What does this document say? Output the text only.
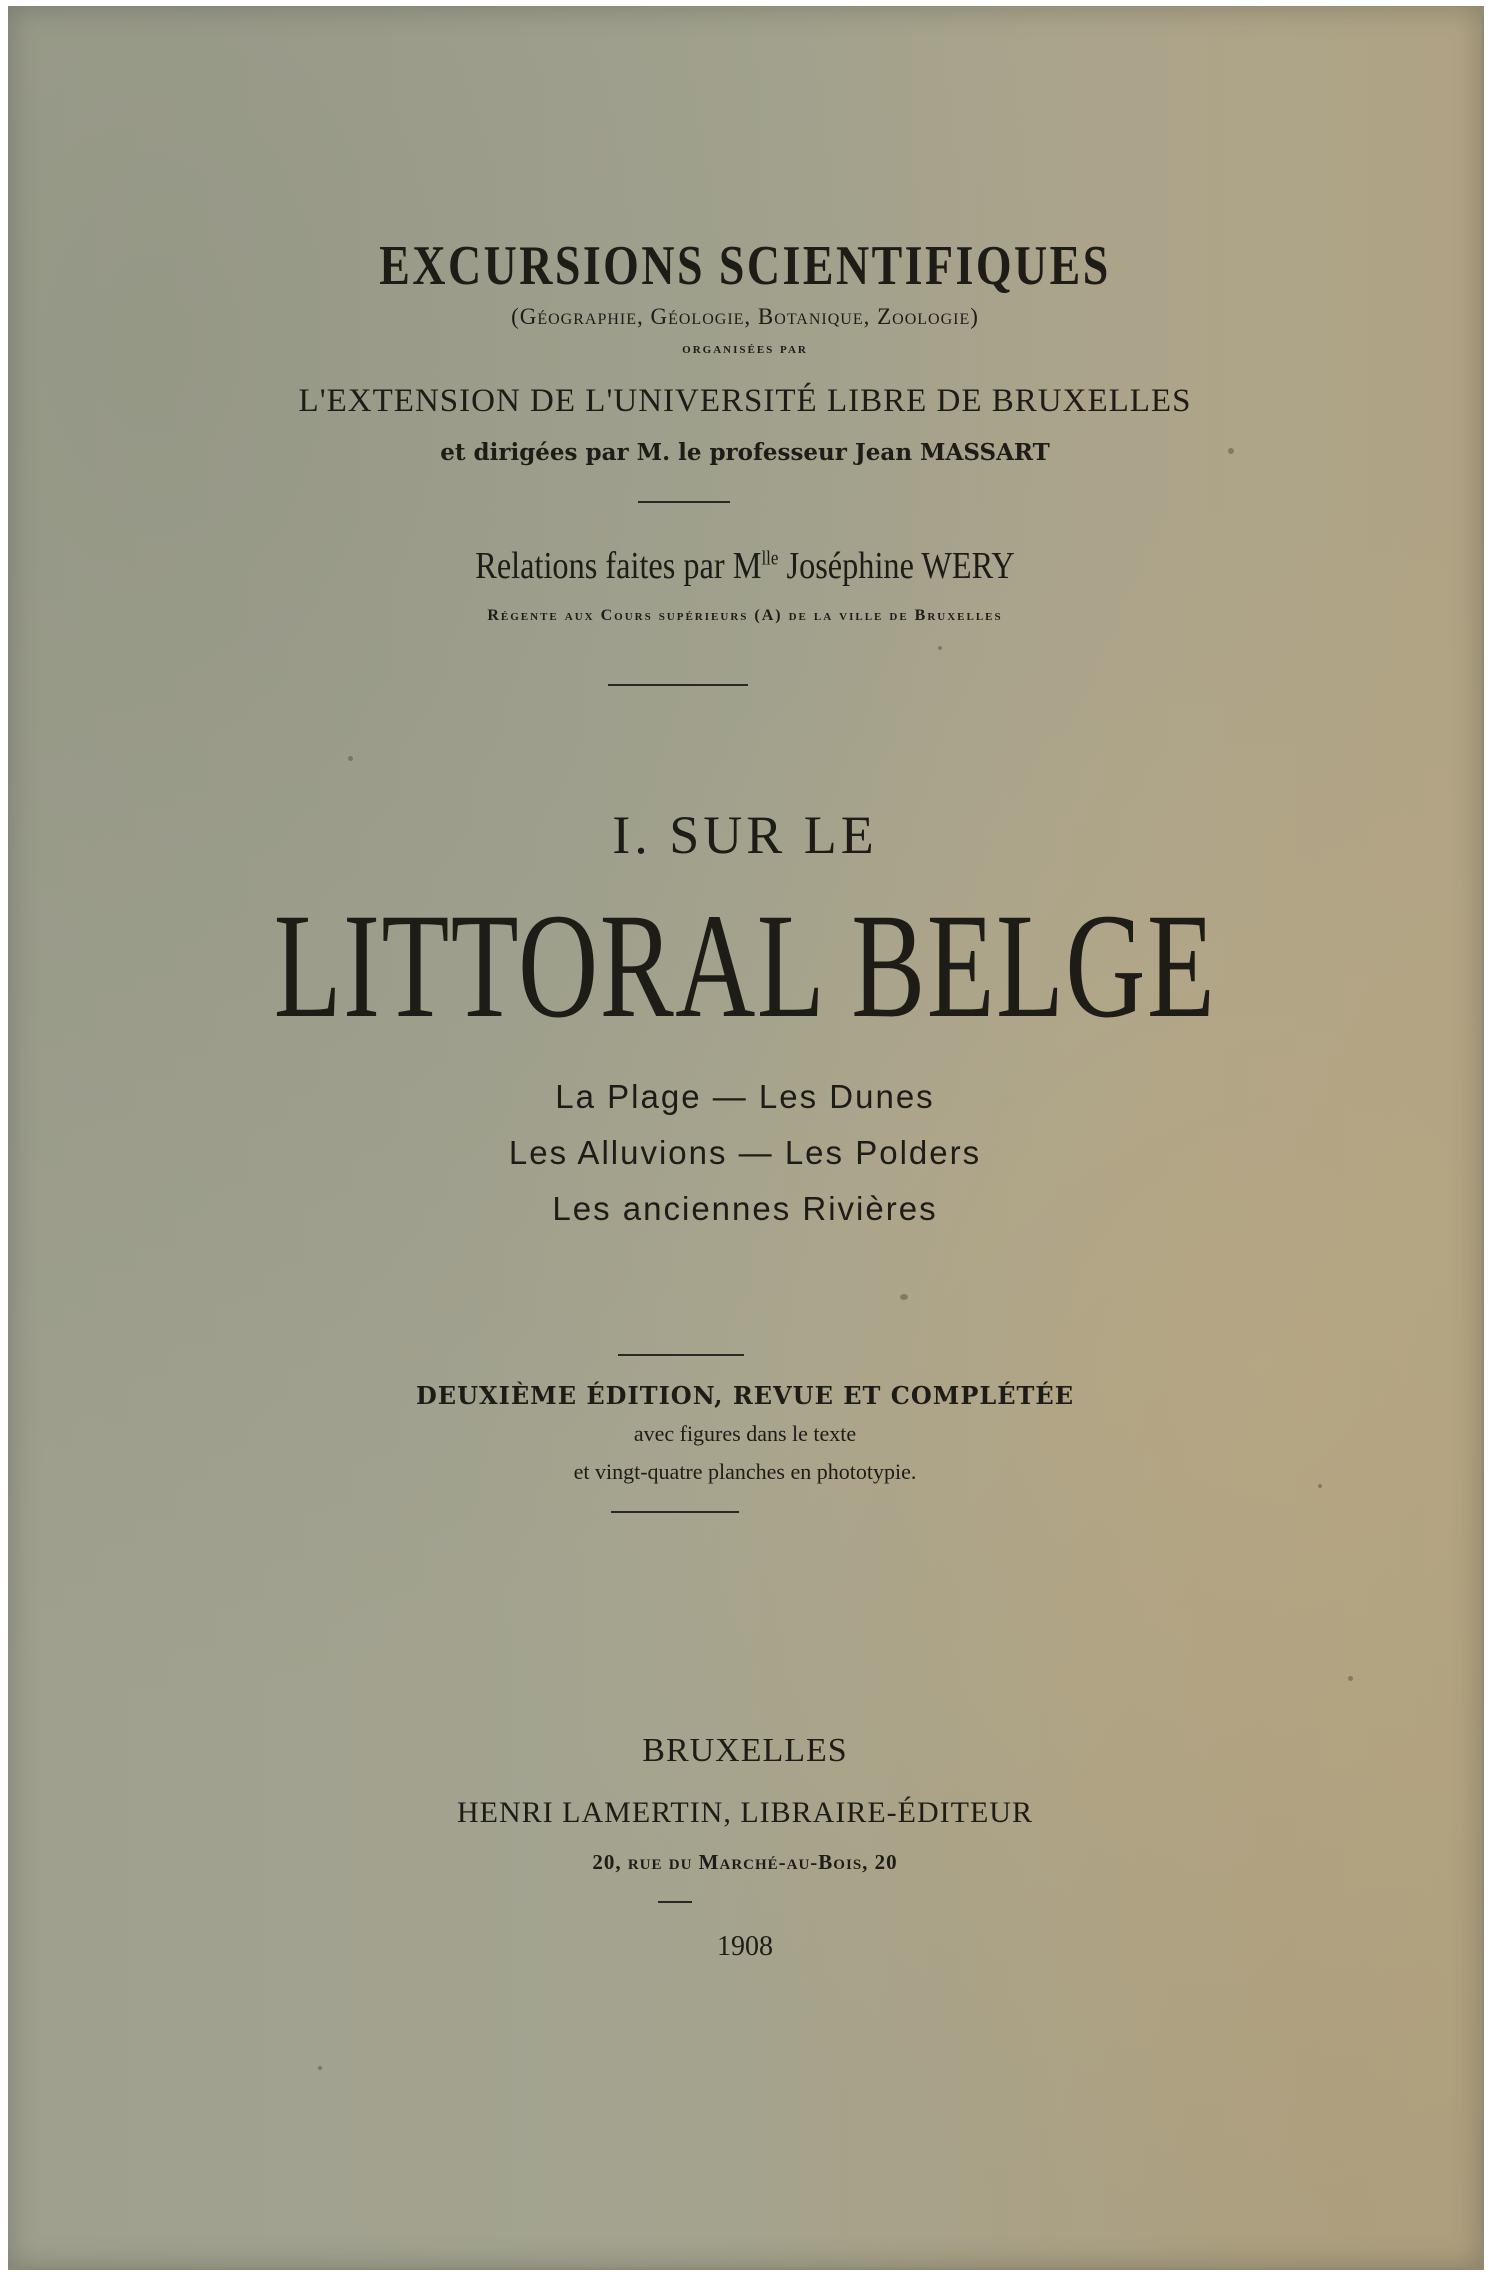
EXCURSIONS SCIENTIFIQUES

(Géographie, Géologie, Botanique, Zoologie)

organisées par

L'EXTENSION DE L'UNIVERSITÉ LIBRE DE BRUXELLES

et dirigées par M. le professeur Jean MASSART

Relations faites par $M^{lle}$ Joséphine WERY

Régente aux Cours supérieurs (A) de la ville de Bruxelles

I. SUR LE

LITTORAL BELGE

La Plage — Les Dunes

Les Alluvions — Les Polders

Les anciennes Rivières

DEUXIÈME ÉDITION, REVUE ET COMPLÉTÉE

avec figures dans le texte

et vingt-quatre planches en phototypie.

BRUXELLES

HENRI LAMERTIN, LIBRAIRE-ÉDITEUR

20, rue du Marché-au-Bois, 20

1908
